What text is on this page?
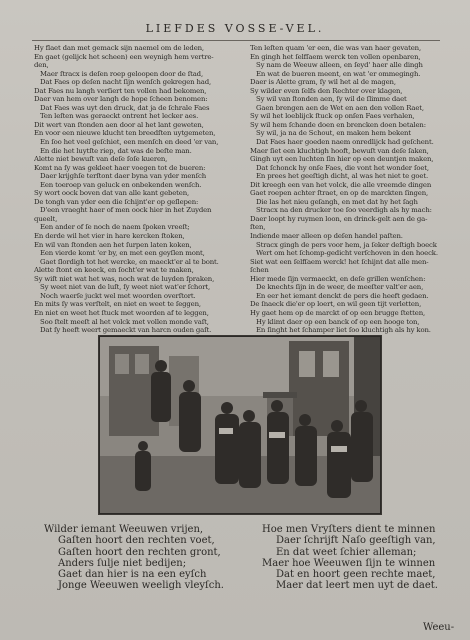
LIEFDES VOSSE-VEL.
Hy flaet dan met gemack sijn naemel om de leden,
En gaet (gelijck het scheen) een weynigh hem vertre-
den,
Maer ſtracx is deſen roep geloopen door de ſtad,
Dat Faes op deſen nacht ſijn wenſch gekregen had,
Dat Faes nu langh verſiert ten vollen had bekomen,
Daer van hem over langh de hope ſcheen benomen:
Dat Faes was uyt den druck, dat ja de ſchrale Faes
Ten leſten was geraeckt ontrent het lecker aes.
Dit wert van ſtonden aen door al het lant geweten,
En voor een nieuwe klucht ten breedſten uytgemeten,
En ſoo het veel geſchiet, een menſch en deed 'er van,
En die het luytſte riep, dat was de beſte man.
Alette niet bewuſt van deſe ſoſe kueren,
Komt na ſy was gekleet haer voegen tot de bueren:
Daer krijghſe terſtont daer byna van yder menſch
Een toeroep van geluck en onbekenden wenſch.
Sy wort oock boven dat van alle kant gebeten,
De tongh van yder een die ſchijnt'er op geſlepen:
D'een vraeght haer of men oock hier in het Zuyden
queelt,
Een ander of ſe noch de naem ſpoken vreeſt;
En derde wil het vier in hare kercken ſtoken,
En wil van ſtonden aen het ſurpen laten koken,
Een vierde komt 'er by, en met een geyſlen mont,
Gaet ſlordigh tot het wercke, en maeckt'er al te bont.
Alette ſtont en keeck, en ſocht'er wat te maken,
Sy wiſt niet wat het was, noch wat de luyden ſpraken,
Sy weet niet van de luſt, ſy weet niet wat'er ſchort,
Noch waerſe juckt wel met woorden overſtort.
En mits ſy was verſtelt, en niet en weet te ſeggen,
En niet en weet het ſtuck met woorden af te leggen,
Soo ſtelt meeſt al het volck met vollen monde vaſt,
Dat ſy heeft weert gemaeckt van harcn ouden gaſt.
Ten leſten quam 'er een, die was van haer gevaten,
En gingh het ſelfſaem werck ten vollen openbaren,
Sy nam de Weeuw alleen, en ſeyd' haer alle dingh
En wat de bueren meent, en wat 'er ommegingh.
Daer is Alette gram, ſy wil het al de magen,
Sy wilder even ſelfs den Rechter over klagen,
Sy wil van ſtonden aen, ſy wil de ſlimme daet
Gaen brengen aen de Wet en aen den vollen Raet,
Sy wil het loeblijck ſtuck op onſen Faes verhalen,
Sy wil hem ſchande doen en brencken doen betalen:
Sy wil, ja na de Schout, en maken hem bekent
Dat Faes haer goeden naem onredlijck had geſchent.
Maer ſiet een kluchtigh hooft, bewuſt van deſe ſaken,
Gingh uyt een luchten ſin hier op een deuntjen maken,
Dat ſchonck hy onſe Faes, die vont het wonder ſoet,
En prees het geeſtigh dicht, al was het niet te goet.
Dit kreegh een van het volck, die alle vreemde dingen
Gaet roepen achter ſtraet, en op de marckten ſingen,
Die las het nieu geſangh, en met dat hy het ſagh
Stracx na den drucker toe ſoo veerdigh als hy mach:
Daer loopt hy ruymen loon, en drinck-gelt aen de ga-
ſten,
Indiende maer alleen op deſen handel paſten.
Stracx gingh de pers voor hem, ja ſeker deſtigh boeck
Wert om het ſchomp-gedicht verſchoven in den hoeck.
Siet wat een ſelfſaem werck! het ſchijnt dat alle men-
ſchen
Hier mede ſijn vermaeckt, en deſe grillen wenſchen:
De knechts ſijn in de weer, de meeſter valt'er aen,
En eer het iemant denckt de pers die heeft gedaen.
De ſnaeck die'er op loert, en wil geen tijt verletten,
Hy gaet hem op de marckt of op een brugge ſtetten,
Hy klimt daer op een banck of op een hooge ton,
En ſinght het ſchamper liet ſoo kluchtigh als hy kon.
Wilder iemant Weeuwen vrijen,
Gaſten hoort den rechten voet,
Gaſten hoort den rechten gront,
Anders ſulje niet bedijen;
Gaet dan hier is na een eyſch
Jonge Weeuwen weeligh vleyſch.
Hoe men Vryſters dient te minnen
Daer ſchrijft Naſo geeſtigh van,
En dat weet ſchier alleman;
Maer hoe Weeuwen ſijn te winnen
Dat en hoort geen rechte maet,
Maer dat leert men uyt de daet.
Weeu-
